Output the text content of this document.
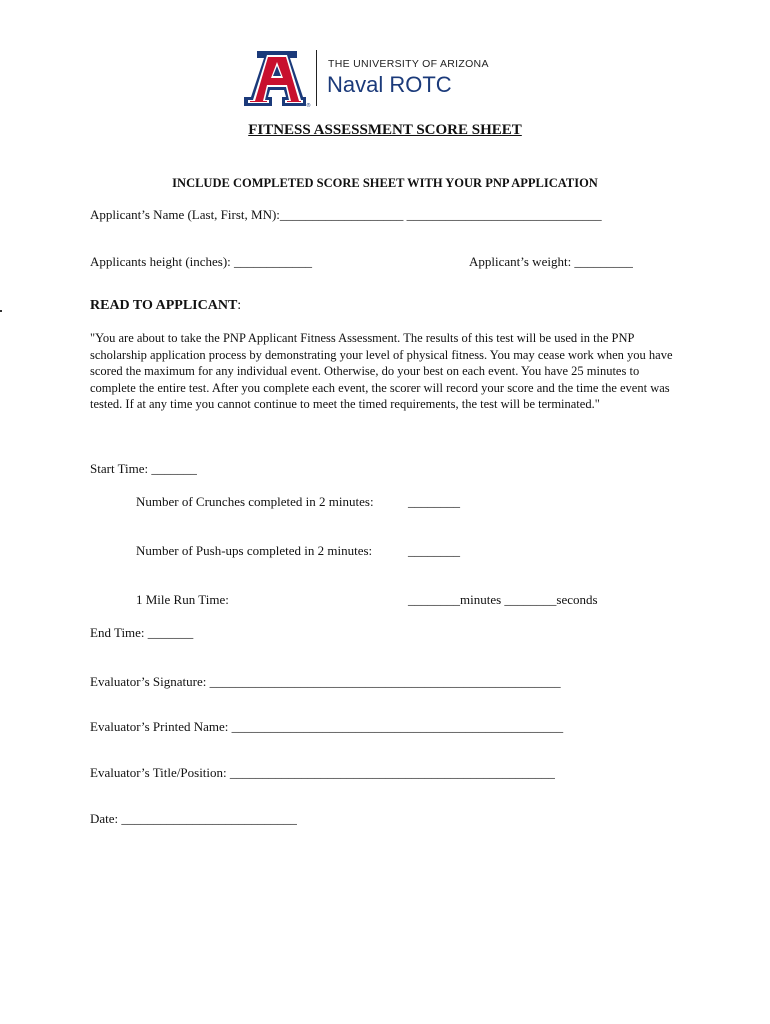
®
THE UNIVERSITY OF ARIZONA
Naval ROTC
FITNESS ASSESSMENT SCORE SHEET
INCLUDE COMPLETED SCORE SHEET WITH YOUR PNP APPLICATION
Applicant’s Name (Last, First, MN):___________________ ______________________________
Applicants height (inches): ____________	Applicant’s weight: _________
READ TO APPLICANT:
"You are about to take the PNP Applicant Fitness Assessment. The results of this test will be used in the PNP scholarship application process by demonstrating your level of physical fitness. You may cease work when you have scored the maximum for any individual event. Otherwise, do your best on each event. You have 25 minutes to complete the entire test. After you complete each event, the scorer will record your score and the time the event was tested. If at any time you cannot continue to meet the timed requirements, the test will be terminated."
Start Time: _______
Number of Crunches completed in 2 minutes:	________
Number of Push-ups completed in 2 minutes:	________
1 Mile Run Time:	________minutes ________seconds
End Time: _______
Evaluator’s Signature: ______________________________________________________
Evaluator’s Printed Name: ___________________________________________________
Evaluator’s Title/Position: __________________________________________________
Date: ___________________________
